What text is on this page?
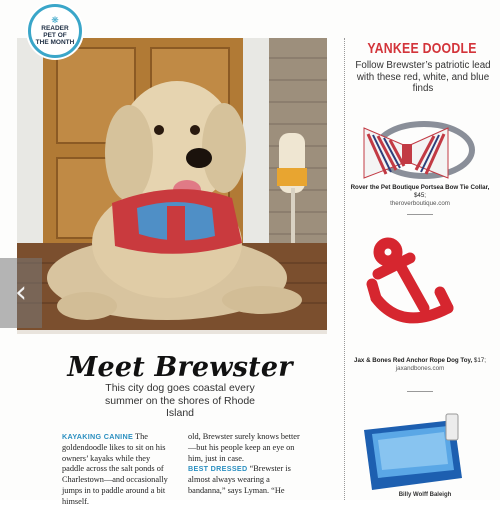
❋
READER
PET OF
THE MONTH
‹
Meet Brewster
This city dog goes coastal every summer on the shores of Rhode Island
KAYAKING CANINE The goldendoodle likes to sit on his owners’ kayaks while they paddle across the salt ponds of Charlestown—and occasionally jumps in to paddle around a bit himself.
old, Brewster surely knows better—but his people keep an eye on him, just in case.
BEST DRESSED “Brewster is almost always wearing a bandanna,” says Lyman. “He
YANKEE DOODLE
Follow Brewster’s patriotic lead with these red, white, and blue finds
Rover the Pet Boutique Portsea Bow Tie Collar, $45;
theroverboutique.com
Jax & Bones Red Anchor Rope Dog Toy, $17;
jaxandbones.com
Billy Wolff Baleigh
